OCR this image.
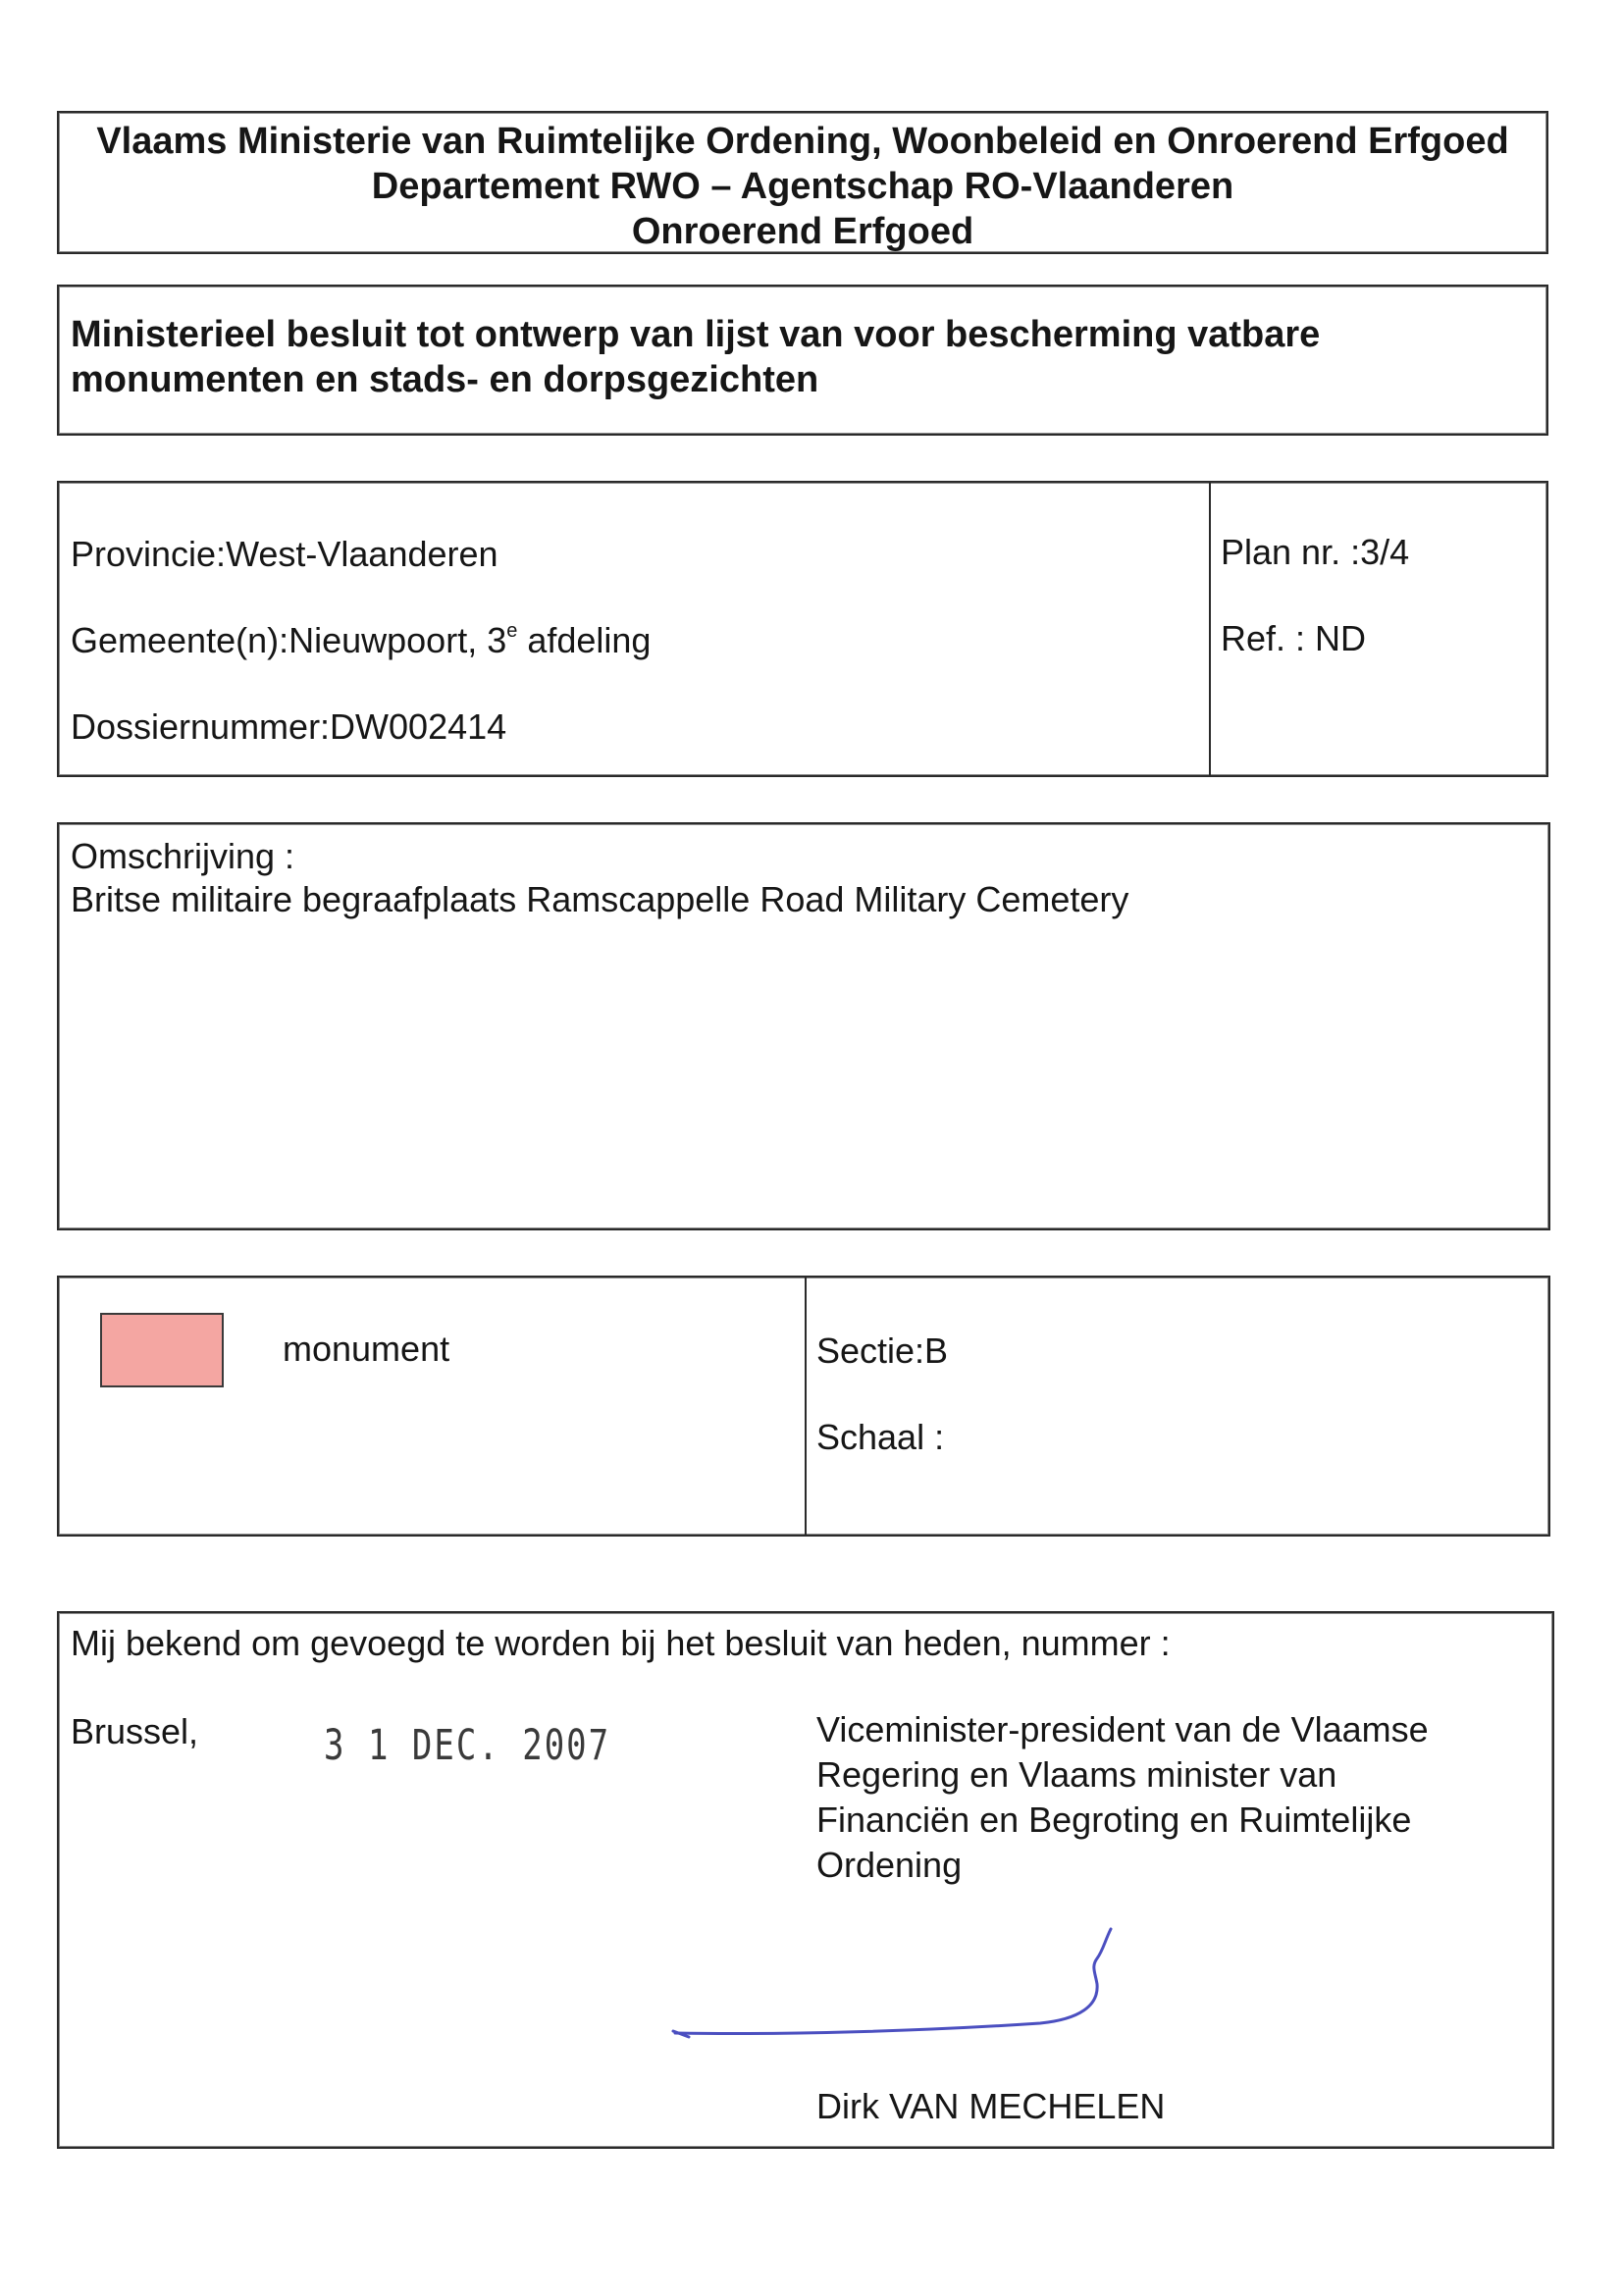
Vlaams Ministerie van Ruimtelijke Ordening, Woonbeleid en Onroerend Erfgoed
Departement RWO – Agentschap RO-Vlaanderen
Onroerend Erfgoed
Ministerieel besluit tot ontwerp van lijst van voor bescherming vatbare
monumenten en stads- en dorpsgezichten
Provincie:West-Vlaanderen
Gemeente(n):Nieuwpoort, 3e afdeling
Dossiernummer:DW002414
Plan nr. :3/4
Ref. : ND
Omschrijving :
Britse militaire begraafplaats Ramscappelle Road Military Cemetery
monument	Sectie:B
Schaal :
Mij bekend om gevoegd te worden bij het besluit van heden, nummer :
Brussel,	3 1 DEC. 2007	Viceminister-president van de Vlaamse
Regering en Vlaams minister van
Financiën en Begroting en Ruimtelijke
Ordening
Dirk VAN MECHELEN
